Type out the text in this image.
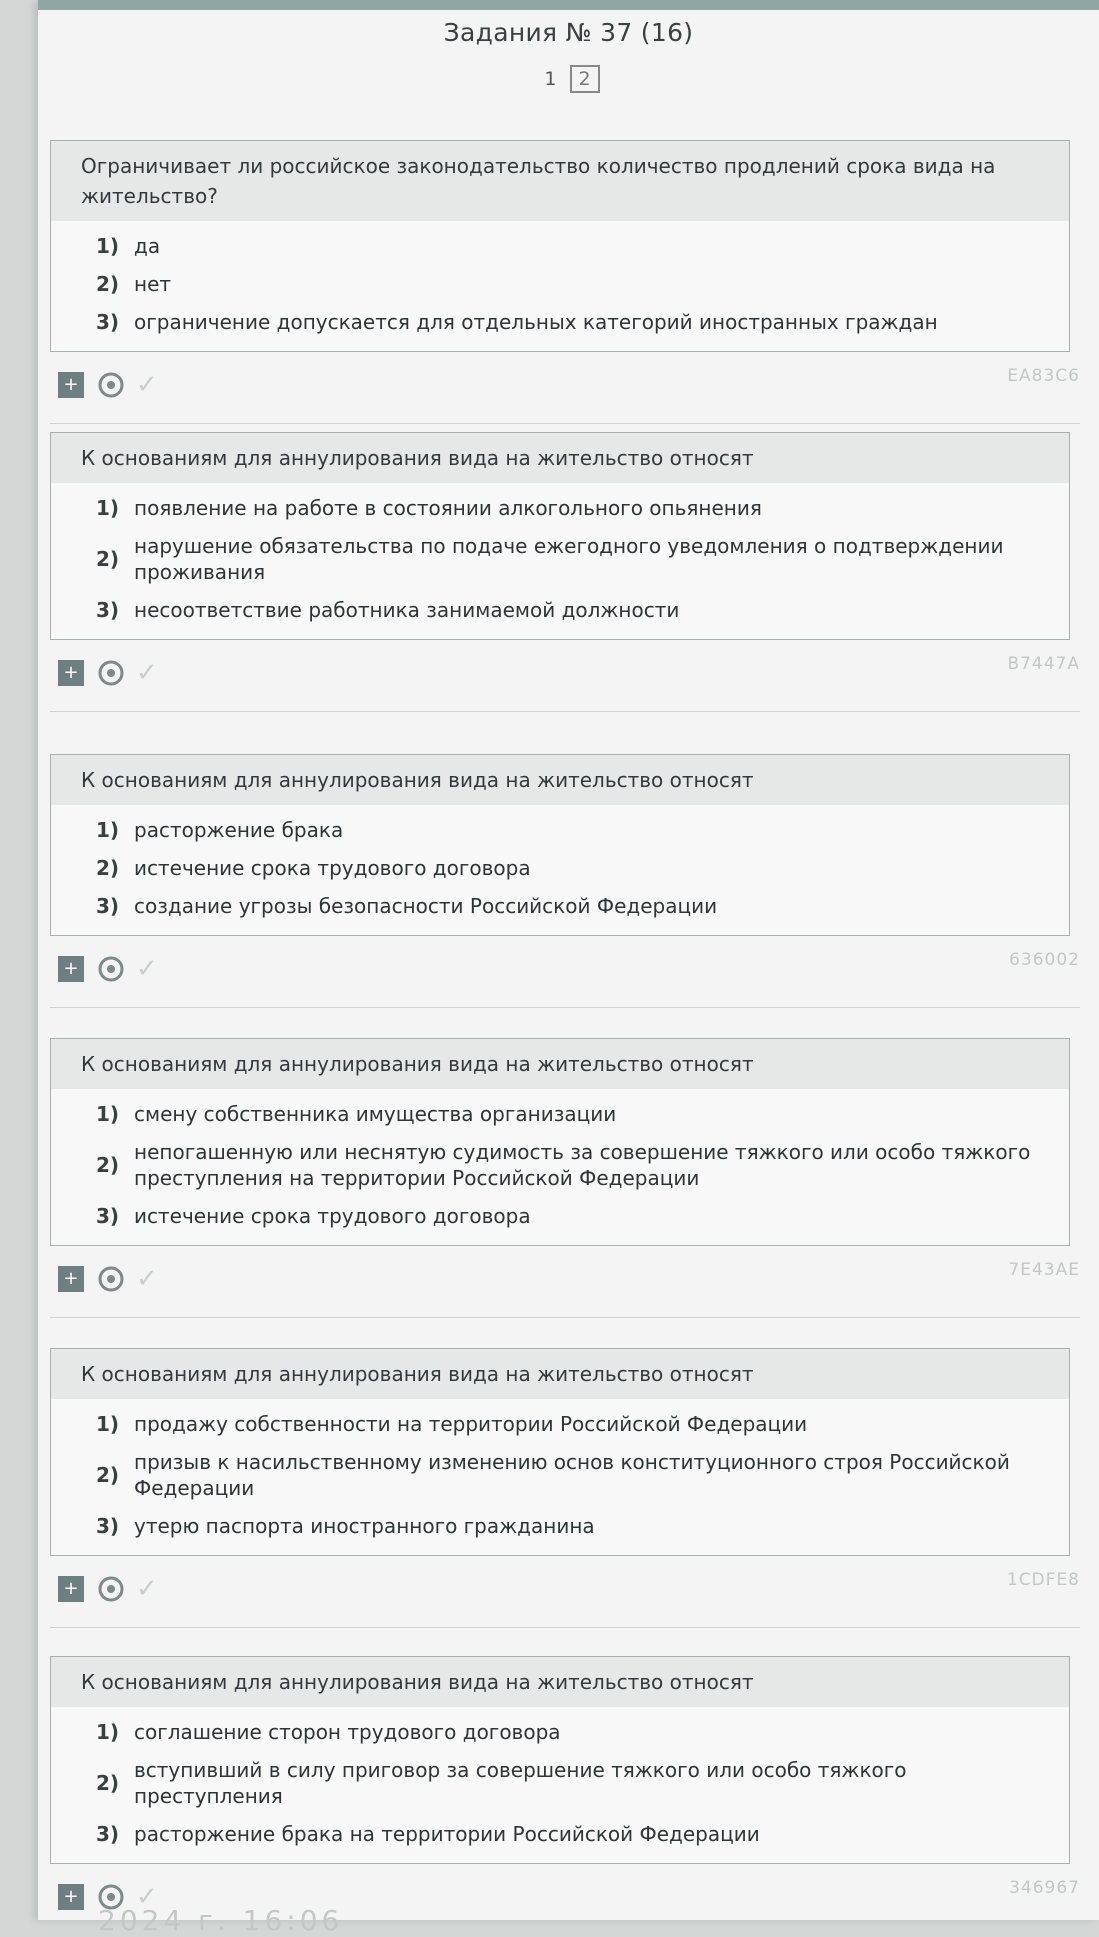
Задания № 37 (16)
1 2
Ограничивает ли российское законодательство количество продлений срока вида на жительство?
1) да
2) нет
3) ограничение допускается для отдельных категорий иностранных граждан
+ ✓	EA83C6
К основаниям для аннулирования вида на жительство относят
1) появление на работе в состоянии алкогольного опьянения
2)
нарушение обязательства по подаче ежегодного уведомления о подтверждении проживания
3) несоответствие работника занимаемой должности
+ ✓	B7447A
К основаниям для аннулирования вида на жительство относят
1) расторжение брака
2) истечение срока трудового договора
3) создание угрозы безопасности Российской Федерации
+ ✓	636002
К основаниям для аннулирования вида на жительство относят
1) смену собственника имущества организации
2)
непогашенную или неснятую судимость за совершение тяжкого или особо тяжкого преступления на территории Российской Федерации
3) истечение срока трудового договора
+ ✓	7E43AE
К основаниям для аннулирования вида на жительство относят
1) продажу собственности на территории Российской Федерации
2)
призыв к насильственному изменению основ конституционного строя Российской Федерации
3) утерю паспорта иностранного гражданина
+ ✓	1CDFE8
К основаниям для аннулирования вида на жительство относят
1) соглашение сторон трудового договора
2)
вступивший в силу приговор за совершение тяжкого или особо тяжкого преступления
3) расторжение брака на территории Российской Федерации
+ ✓	346967
2024 г. 16:06
